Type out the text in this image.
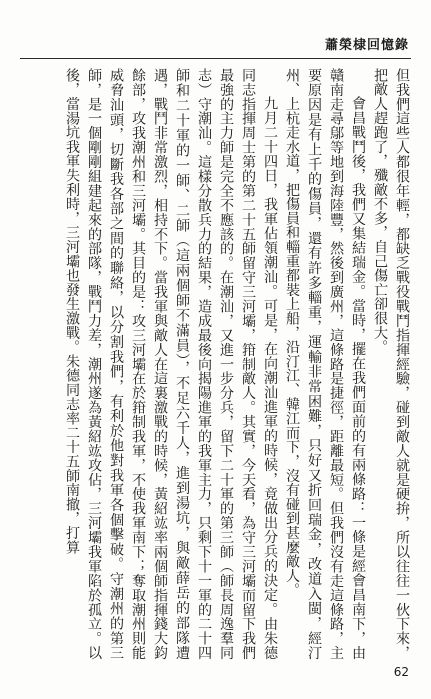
蕭榮棣回憶錄

但我們這些人都很年輕，都缺乏戰役戰鬥指揮經驗，碰到敵人就是硬拚，所以往往一伙下來，把敵人趕跑了，殲敵不多，自己傷亡卻很大。

會昌戰鬥後，我們又集結瑞金。當時，擺在我們面前的有兩條路：一條是經會昌南下，由贛南走尋鄔等地到海陸豐，然後到廣州，這條路是捷徑，距離最短。但我們沒有走這條路，主要原因是有上千的傷員，還有許多輜重，運輸非常困難，只好又折回瑞金，改道入閩，經汀州、上杭走水道，把傷員和輜重都裝上船，沿汀江、韓江而下，沒有碰到甚麼敵人。

九月二十四日，我軍佔領潮汕。可是，在向潮汕進軍的時候，竟做出分兵的決定。由朱德同志指揮周士第的第二十五師留守三河壩，箝制敵人。其實，今天看，為守三河壩而留下我們最強的主力師是完全不應該的。在潮汕，又進一步分兵，留下二十軍的第三師（師長周逸羣同志）守潮汕。這樣分散兵力的結果，造成最後向揭陽進軍的我軍主力，只剩下十一軍的二十四師和二十軍的一師、二師（這兩個師不滿員），不足六千人，進到湯坑，與敵薛岳的部隊遭遇，戰鬥非常激烈，相持不下。當我軍與敵人在這裏激戰的時候，黃紹竑率兩個師指揮錢大鈞餘部，攻我潮州和三河壩。其目的是：攻三河壩在於箝制我軍，不使我軍南下；奪取潮州則能威脅汕頭，切斷我各部之間的聯絡，以分割我們，有利於他對我軍各個擊破。守潮州的第三師，是一個剛剛組建起來的部隊，戰鬥力差，潮州遂為黃紹竑攻佔，三河壩我軍陷於孤立。以後，當湯坑我軍失利時，三河壩也發生激戰。朱德同志率二十五師南撤，打算

62
